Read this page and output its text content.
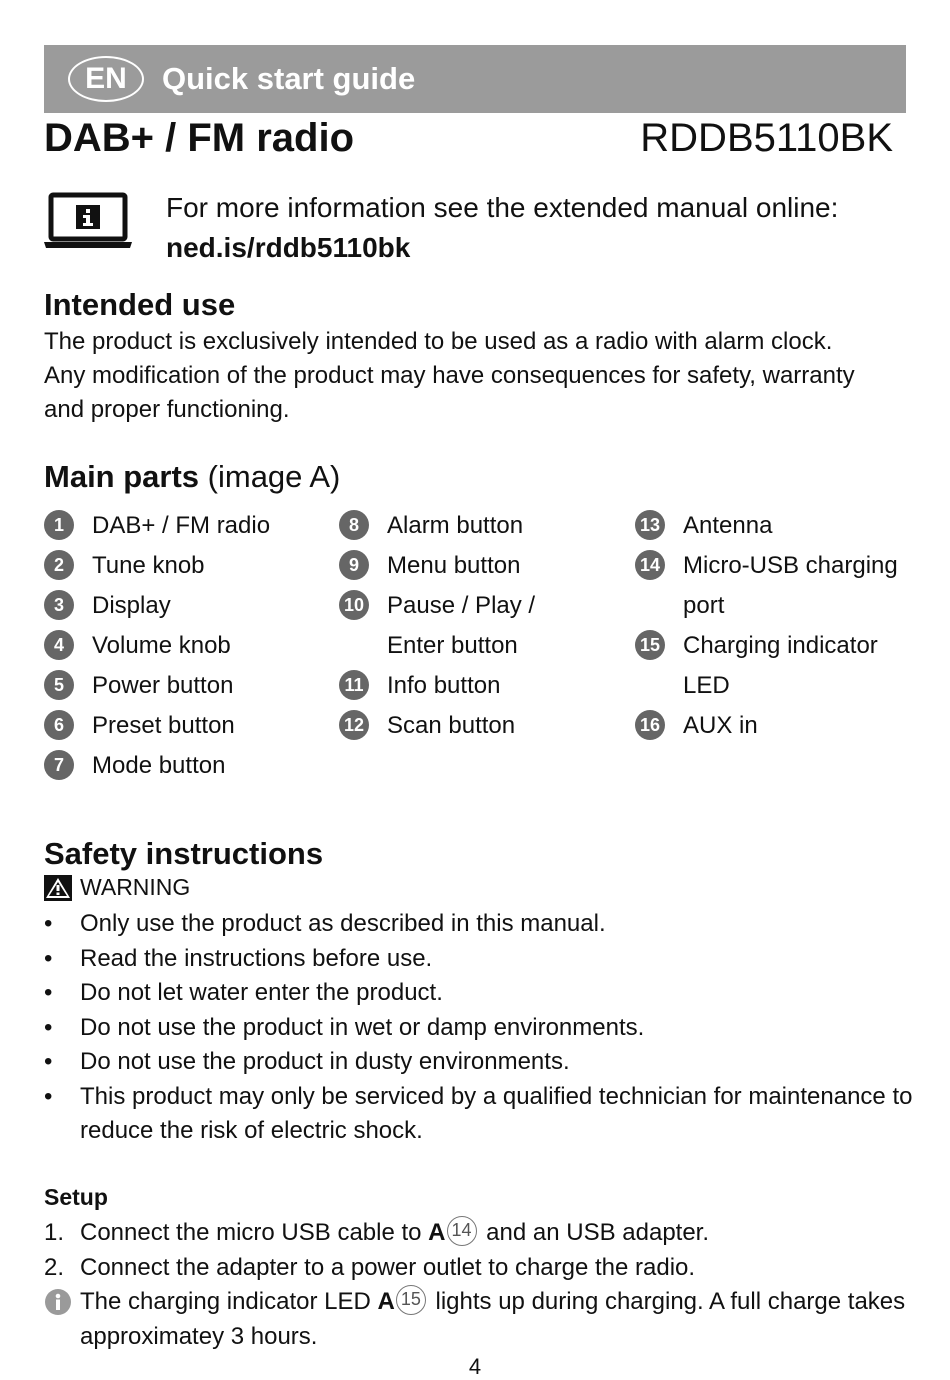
EN	Quick start guide
DAB+ / FM radio	RDDB5110BK
For more information see the extended manual online:
ned.is/rddb5110bk
Intended use

The product is exclusively intended to be used as a radio with alarm clock.

Any modification of the product may have consequences for safety, warranty

and proper functioning.

Main parts (image A)
1	DAB+ / FM radio
2	Tune knob
3	Display
4	Volume knob
5	Power button
6	Preset button
7	Mode button
8	Alarm button
9	Menu button
10 Pause / Play / Enter button
11 Info button
12 Scan button
13 Antenna
14 Micro-USB charging port
15 Charging indicator LED
16 AUX in
Safety instructions
WARNING
• Only use the product as described in this manual.
• Read the instructions before use.
• Do not let water enter the product.
• Do not use the product in wet or damp environments.
• Do not use the product in dusty environments.
• This product may only be serviced by a qualified technician for maintenance to reduce the risk of electric shock.
Setup
1. Connect the micro USB cable to A 14 and an USB adapter.
2. Connect the adapter to a power outlet to charge the radio.
The charging indicator LED A 15 lights up during charging. A full charge takes approximatey 3 hours.
4
